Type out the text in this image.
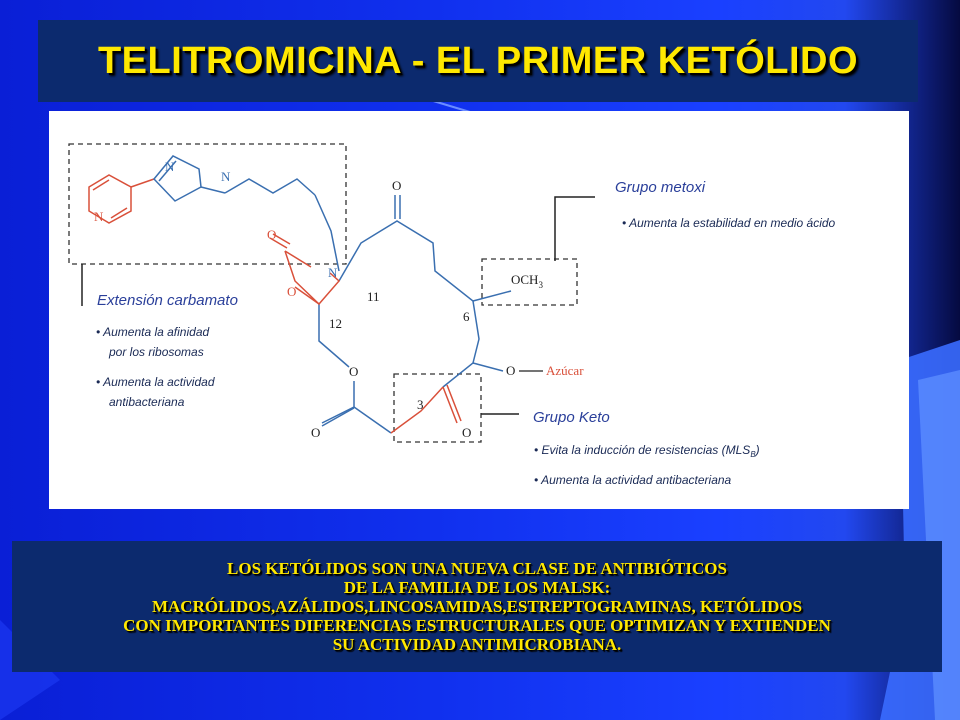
TELITROMICINA - EL PRIMER KETÓLIDO
O
O
N
O
N
N
N
11
12	6
3
$OCH_3$
O Azúcar
O
O	O
Grupo metoxi
• Aumenta la estabilidad en medio ácido
Extensión carbamato
• Aumenta la afinidad
por los ribosomas
• Aumenta la actividad
antibacteriana
Grupo Keto
• Evita la inducción de resistencias $(MLS_B)$
• Aumenta la actividad antibacteriana
LOS KETÓLIDOS SON UNA NUEVA CLASE DE ANTIBIÓTICOS
DE LA FAMILIA DE LOS MALSK:
MACRÓLIDOS,AZÁLIDOS,LINCOSAMIDAS,ESTREPTOGRAMINAS, KETÓLIDOS
CON IMPORTANTES DIFERENCIAS ESTRUCTURALES QUE OPTIMIZAN Y EXTIENDEN
SU ACTIVIDAD ANTIMICROBIANA.
